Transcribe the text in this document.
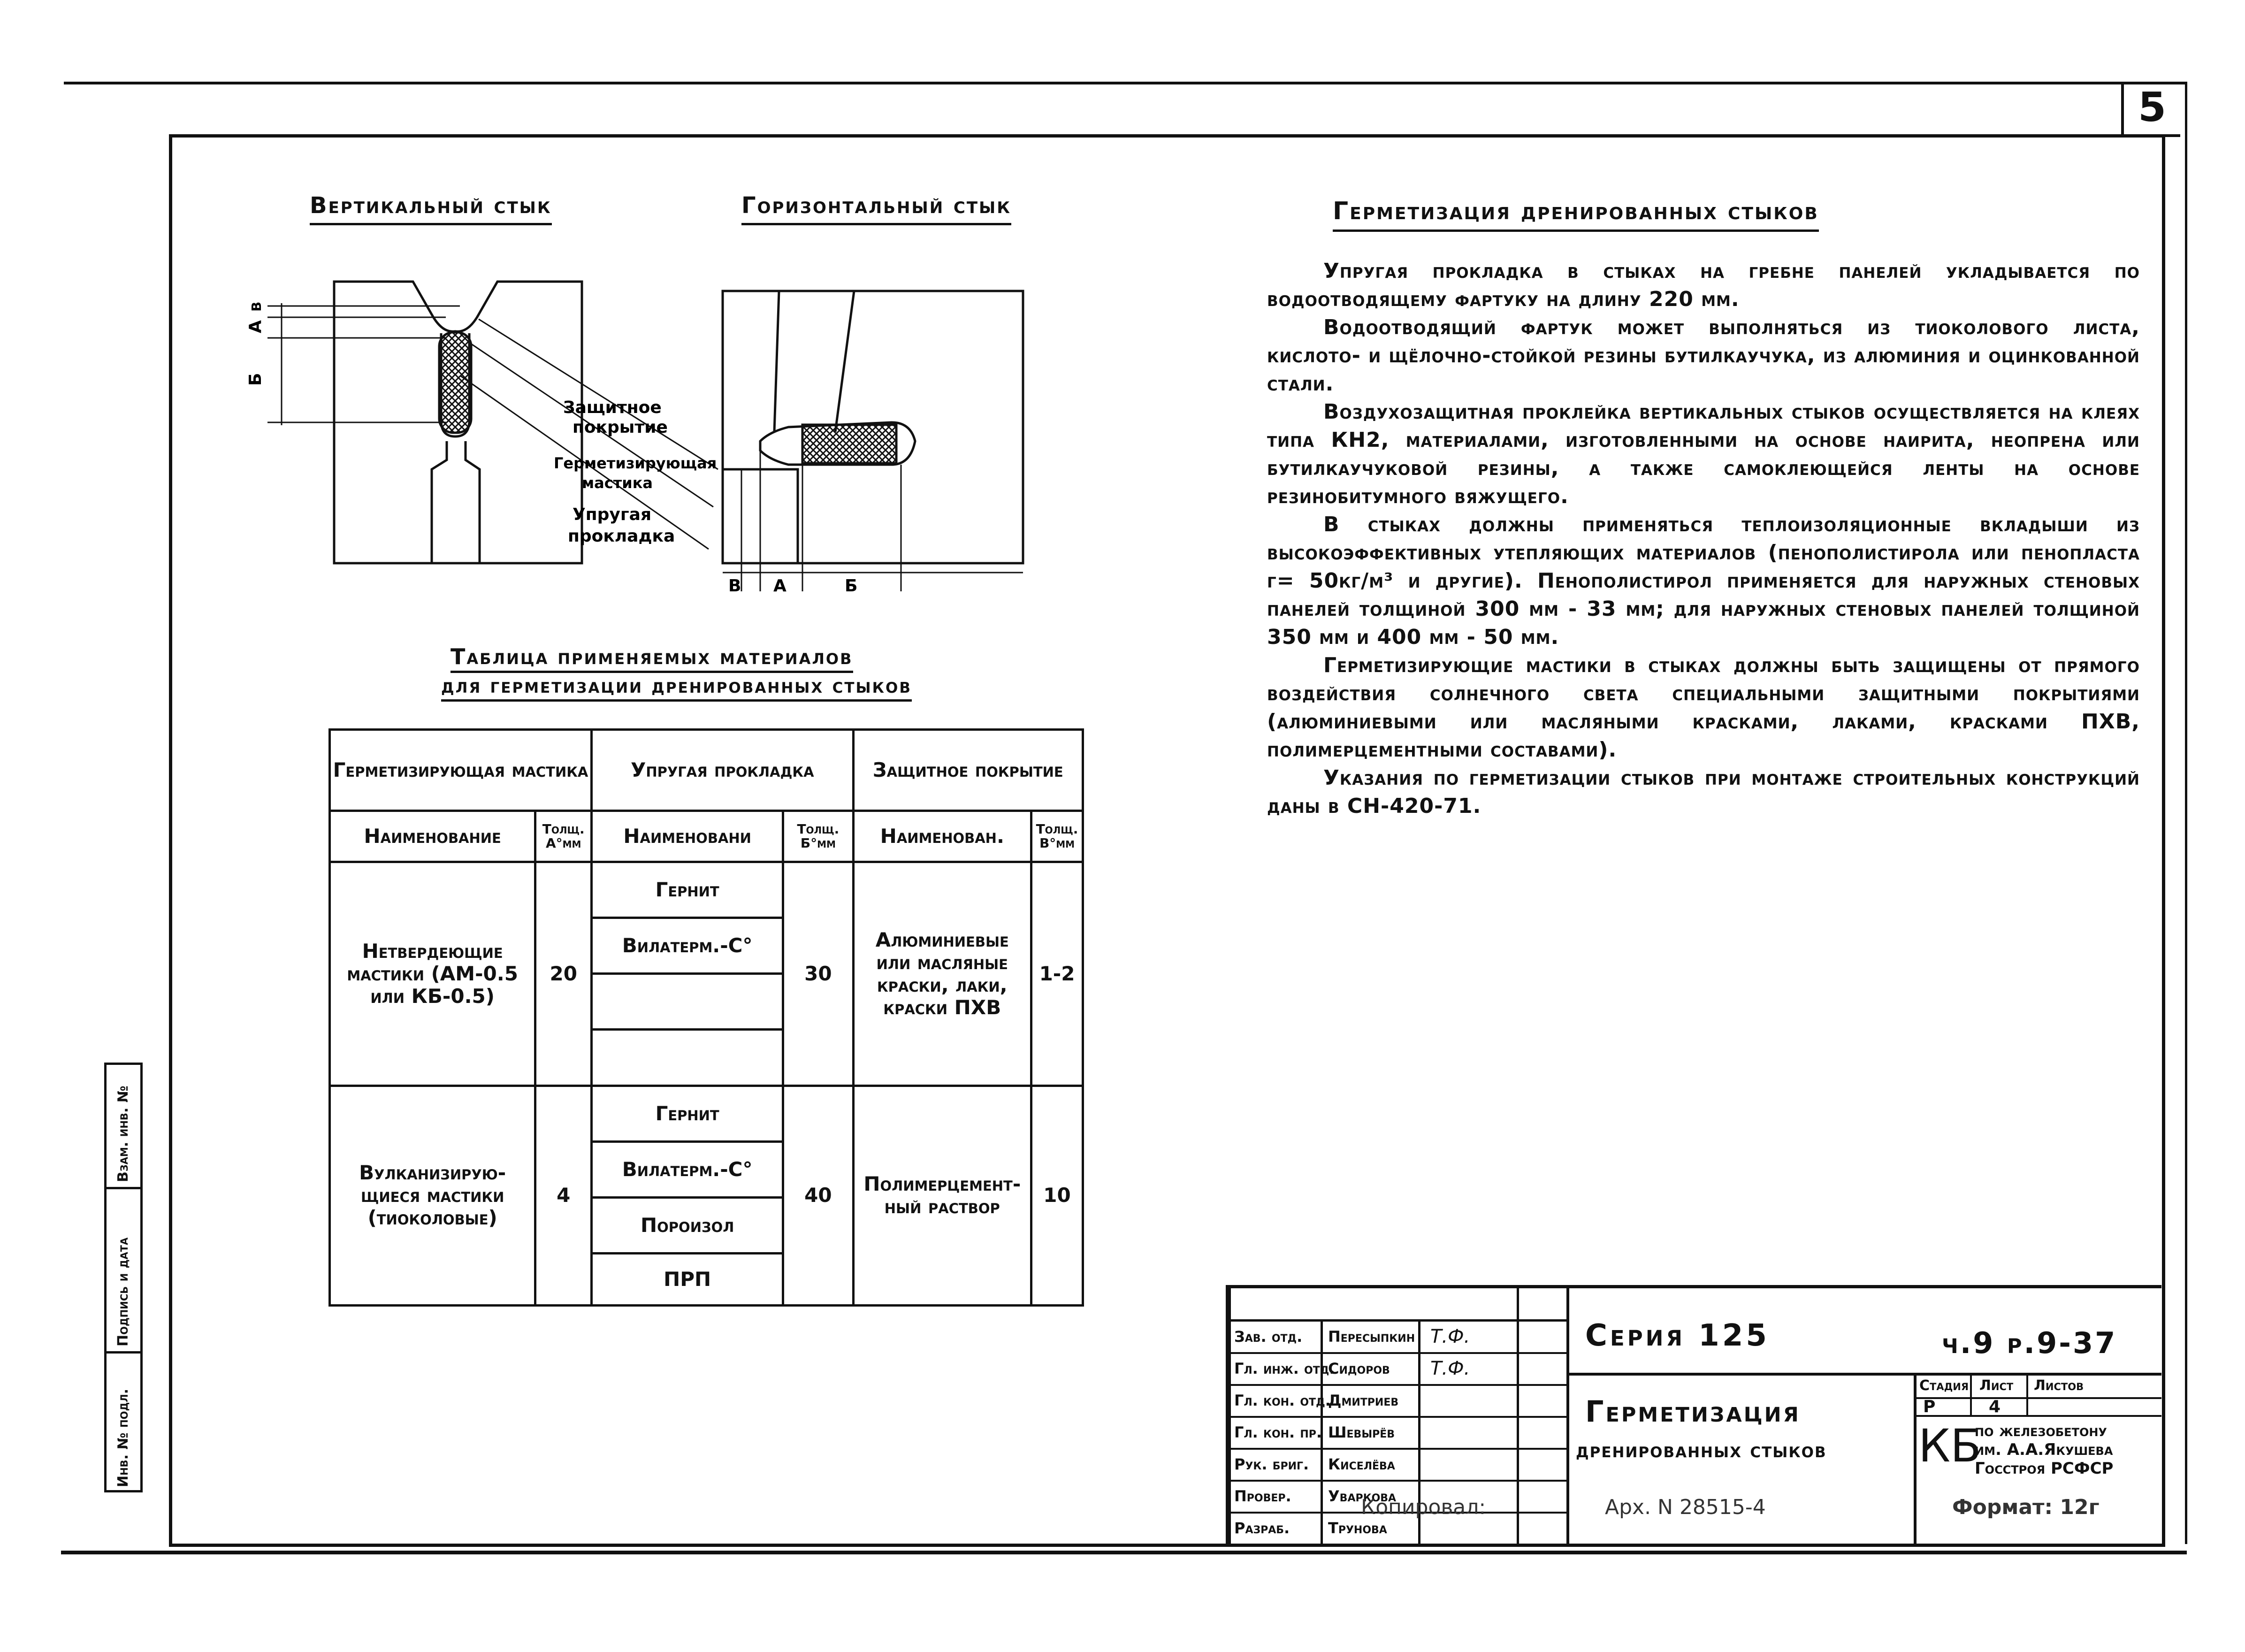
5
Вертикальный стык	Горизонтальный стык
В
А
Б
Защитное
покрытие
Герметизирующая
мастика
Упругая
прокладка
В А	Б
Таблица применяемых материалов
для герметизации дренированных стыков
Герметизирующая мастика		Упругая прокладка		Защитное покрытие	
Наименование	Толщ. А°мм	Наименовани	Толщ. Б°мм	Наименован.	Толщ. В°мм
Нетвердеющие мастики (АМ-0.5 или КБ-0.5)	20	Гернит	30	Алюминиевые или масляные краски, лаки, краски ПХВ	1-2
		Вилатерм.-С°			

Вулканизирую-щиеся мастики (тиоколовые)	4	Гернит	40	Полимерцемент-ный раствор	10
		Вилатерм.-С°			
		Пороизол			
		ПРП			
Герметизация дренированных стыков

Упругая прокладка в стыках на гребне панелей укладывается по водоотводящему фартуку на длину 220 мм.

Водоотводящий фартук может выполняться из тиоколового листа, кислото- и щёлочно-стойкой резины бутилкаучука, из алюминия и оцинкованной стали.

Воздухозащитная проклейка вертикальных стыков осуществляется на клеях типа КН2, материалами, изготовленными на основе наирита, неопрена или бутилкаучуковой резины, а также самоклеющейся ленты на основе резинобитумного вяжущего.

В стыках должны применяться теплоизоляционные вкладыши из высокоэффективных утепляющих материалов (пенополистирола или пенопласта γ= 50кг/м³ и другие). Пенополистирол применяется для наружных стеновых панелей толщиной 300 мм - 33 мм; для наружных стеновых панелей толщиной 350 мм и 400 мм - 50 мм.

Герметизирующие мастики в стыках должны быть защищены от прямого воздействия солнечного света специальными защитными покрытиями (алюминиевыми или масляными красками, лаками, красками ПХВ, полимерцементными составами).

Указания по герметизации стыков при монтаже строительных конструкций даны в СН-420-71.

Инв. № подл.
Подпись и дата
Взам. инв. №
Зав. отд. Пересыпкин Т.Ф.
Гл. инж. отд.
Сидоров Т.Ф.
Гл. кон. отд.
Дмитриев
Гл. кон. пр. Шевырёв
Рук. бриг. Киселёва
Провер. Уваркова
Разраб.	Трунова
Серия 125	ч.9 р.9-37
Стадия Лист Листов
Р	4
Герметизация
дренированных стыков КБ
по железобетону
им. А.А.Якушева
Госстроя РСФСР
Копировал:	Арх. N 28515-4	Формат: 12г
